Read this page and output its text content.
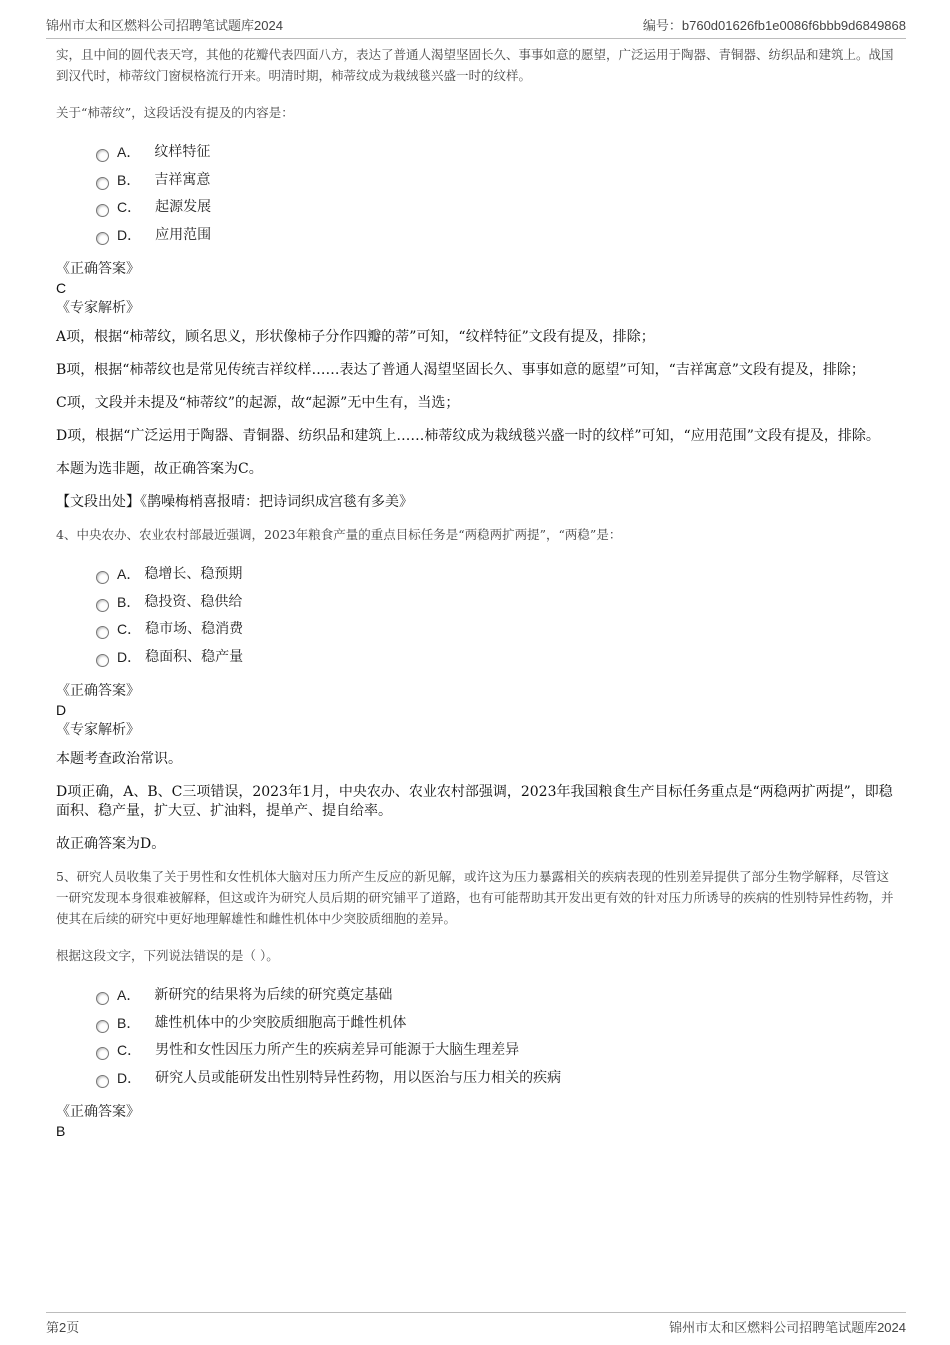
锦州市太和区燃料公司招聘笔试题库2024	编号：b760d01626fb1e0086f6bbb9d6849868

实，且中间的圆代表天穹，其他的花瓣代表四面八方，表达了普通人渴望坚固长久、事事如意的愿望，广泛运用于陶器、青铜器、纺织品和建筑上。战国到汉代时，柿蒂纹门窗棂格流行开来。明清时期，柿蒂纹成为栽绒毯兴盛一时的纹样。

关于“柿蒂纹”，这段话没有提及的内容是：

A． 纹样特征
B． 吉祥寓意
C． 起源发展
D． 应用范围

《正确答案》

C

《专家解析》

A项，根据“柿蒂纹，顾名思义，形状像柿子分作四瓣的蒂”可知，“纹样特征”文段有提及，排除；

B项，根据“柿蒂纹也是常见传统吉祥纹样……表达了普通人渴望坚固长久、事事如意的愿望”可知，“吉祥寓意”文段有提及，排除；

C项，文段并未提及“柿蒂纹”的起源，故“起源”无中生有，当选；

D项，根据“广泛运用于陶器、青铜器、纺织品和建筑上……柿蒂纹成为栽绒毯兴盛一时的纹样”可知，“应用范围”文段有提及，排除。

本题为选非题，故正确答案为C。

【文段出处】《鹊噪梅梢喜报晴：把诗词织成宫毯有多美》

4、中央农办、农业农村部最近强调，2023年粮食产量的重点目标任务是“两稳两扩两提”，“两稳”是：

A． 稳增长、稳预期
B． 稳投资、稳供给
C． 稳市场、稳消费
D． 稳面积、稳产量

《正确答案》

D

《专家解析》

本题考查政治常识。

D项正确，A、B、C三项错误，2023年1月，中央农办、农业农村部强调，2023年我国粮食生产目标任务重点是“两稳两扩两提”，即稳面积、稳产量，扩大豆、扩油料，提单产、提自给率。

故正确答案为D。

5、研究人员收集了关于男性和女性机体大脑对压力所产生反应的新见解，或许这为压力暴露相关的疾病表现的性别差异提供了部分生物学解释，尽管这一研究发现本身很难被解释，但这或许为研究人员后期的研究铺平了道路，也有可能帮助其开发出更有效的针对压力所诱导的疾病的性别特异性药物，并使其在后续的研究中更好地理解雄性和雌性机体中少突胶质细胞的差异。

根据这段文字，下列说法错误的是（ ）。

A． 新研究的结果将为后续的研究奠定基础
B． 雄性机体中的少突胶质细胞高于雌性机体
C． 男性和女性因压力所产生的疾病差异可能源于大脑生理差异
D． 研究人员或能研发出性别特异性药物，用以医治与压力相关的疾病

《正确答案》

B

第2页	锦州市太和区燃料公司招聘笔试题库2024
